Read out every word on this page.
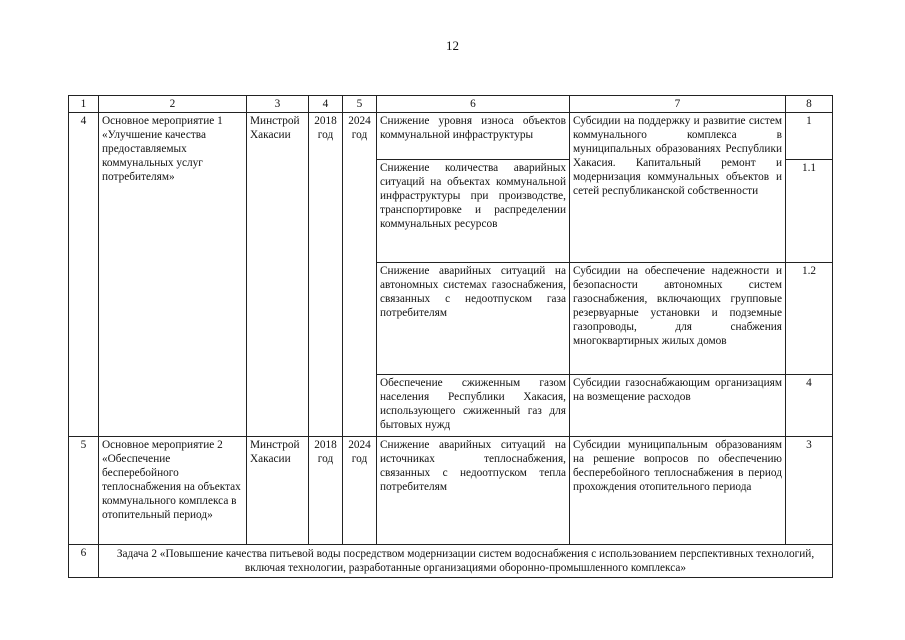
12
1	2	3	4	5	6	7	8
4	Основное мероприятие 1 «Улучшение качества предоставляемых коммунальных услуг потребителям»	Минстрой Хакасии	2018 год	2024 год	Снижение уровня износа объектов коммунальной инфраструктуры	Субсидии на поддержку и развитие систем коммунального комплекса в муниципальных образованиях Республики Хакасия. Капитальный ремонт и модернизация коммунальных объектов и сетей республиканской собственности	1
					Снижение количества аварийных ситуаций на объектах коммунальной инфраструктуры при производстве, транспортировке и распределении коммунальных ресурсов		1.1
					Снижение аварийных ситуаций на автономных системах газоснабжения, связанных с недоотпуском газа потребителям	Субсидии на обеспечение надежности и безопасности автономных систем газоснабжения, включающих групповые резервуарные установки и подземные газопроводы, для снабжения многоквартирных жилых домов	1.2
					Обеспечение сжиженным газом населения Республики Хакасия, использующего сжиженный газ для бытовых нужд	Субсидии газоснабжающим организациям на возмещение расходов	4
5	Основное мероприятие 2 «Обеспечение бесперебойного теплоснабжения на объектах коммунального комплекса в отопительный период»	Минстрой Хакасии	2018 год	2024 год	Снижение аварийных ситуаций на источниках теплоснабжения, связанных с недоотпуском тепла потребителям	Субсидии муниципальным образованиям на решение вопросов по обеспечению бесперебойного теплоснабжения в период прохождения отопительного периода	3
6	Задача 2 «Повышение качества питьевой воды посредством модернизации систем водоснабжения с использованием перспективных технологий, включая технологии, разработанные организациями оборонно-промышленного комплекса»						
